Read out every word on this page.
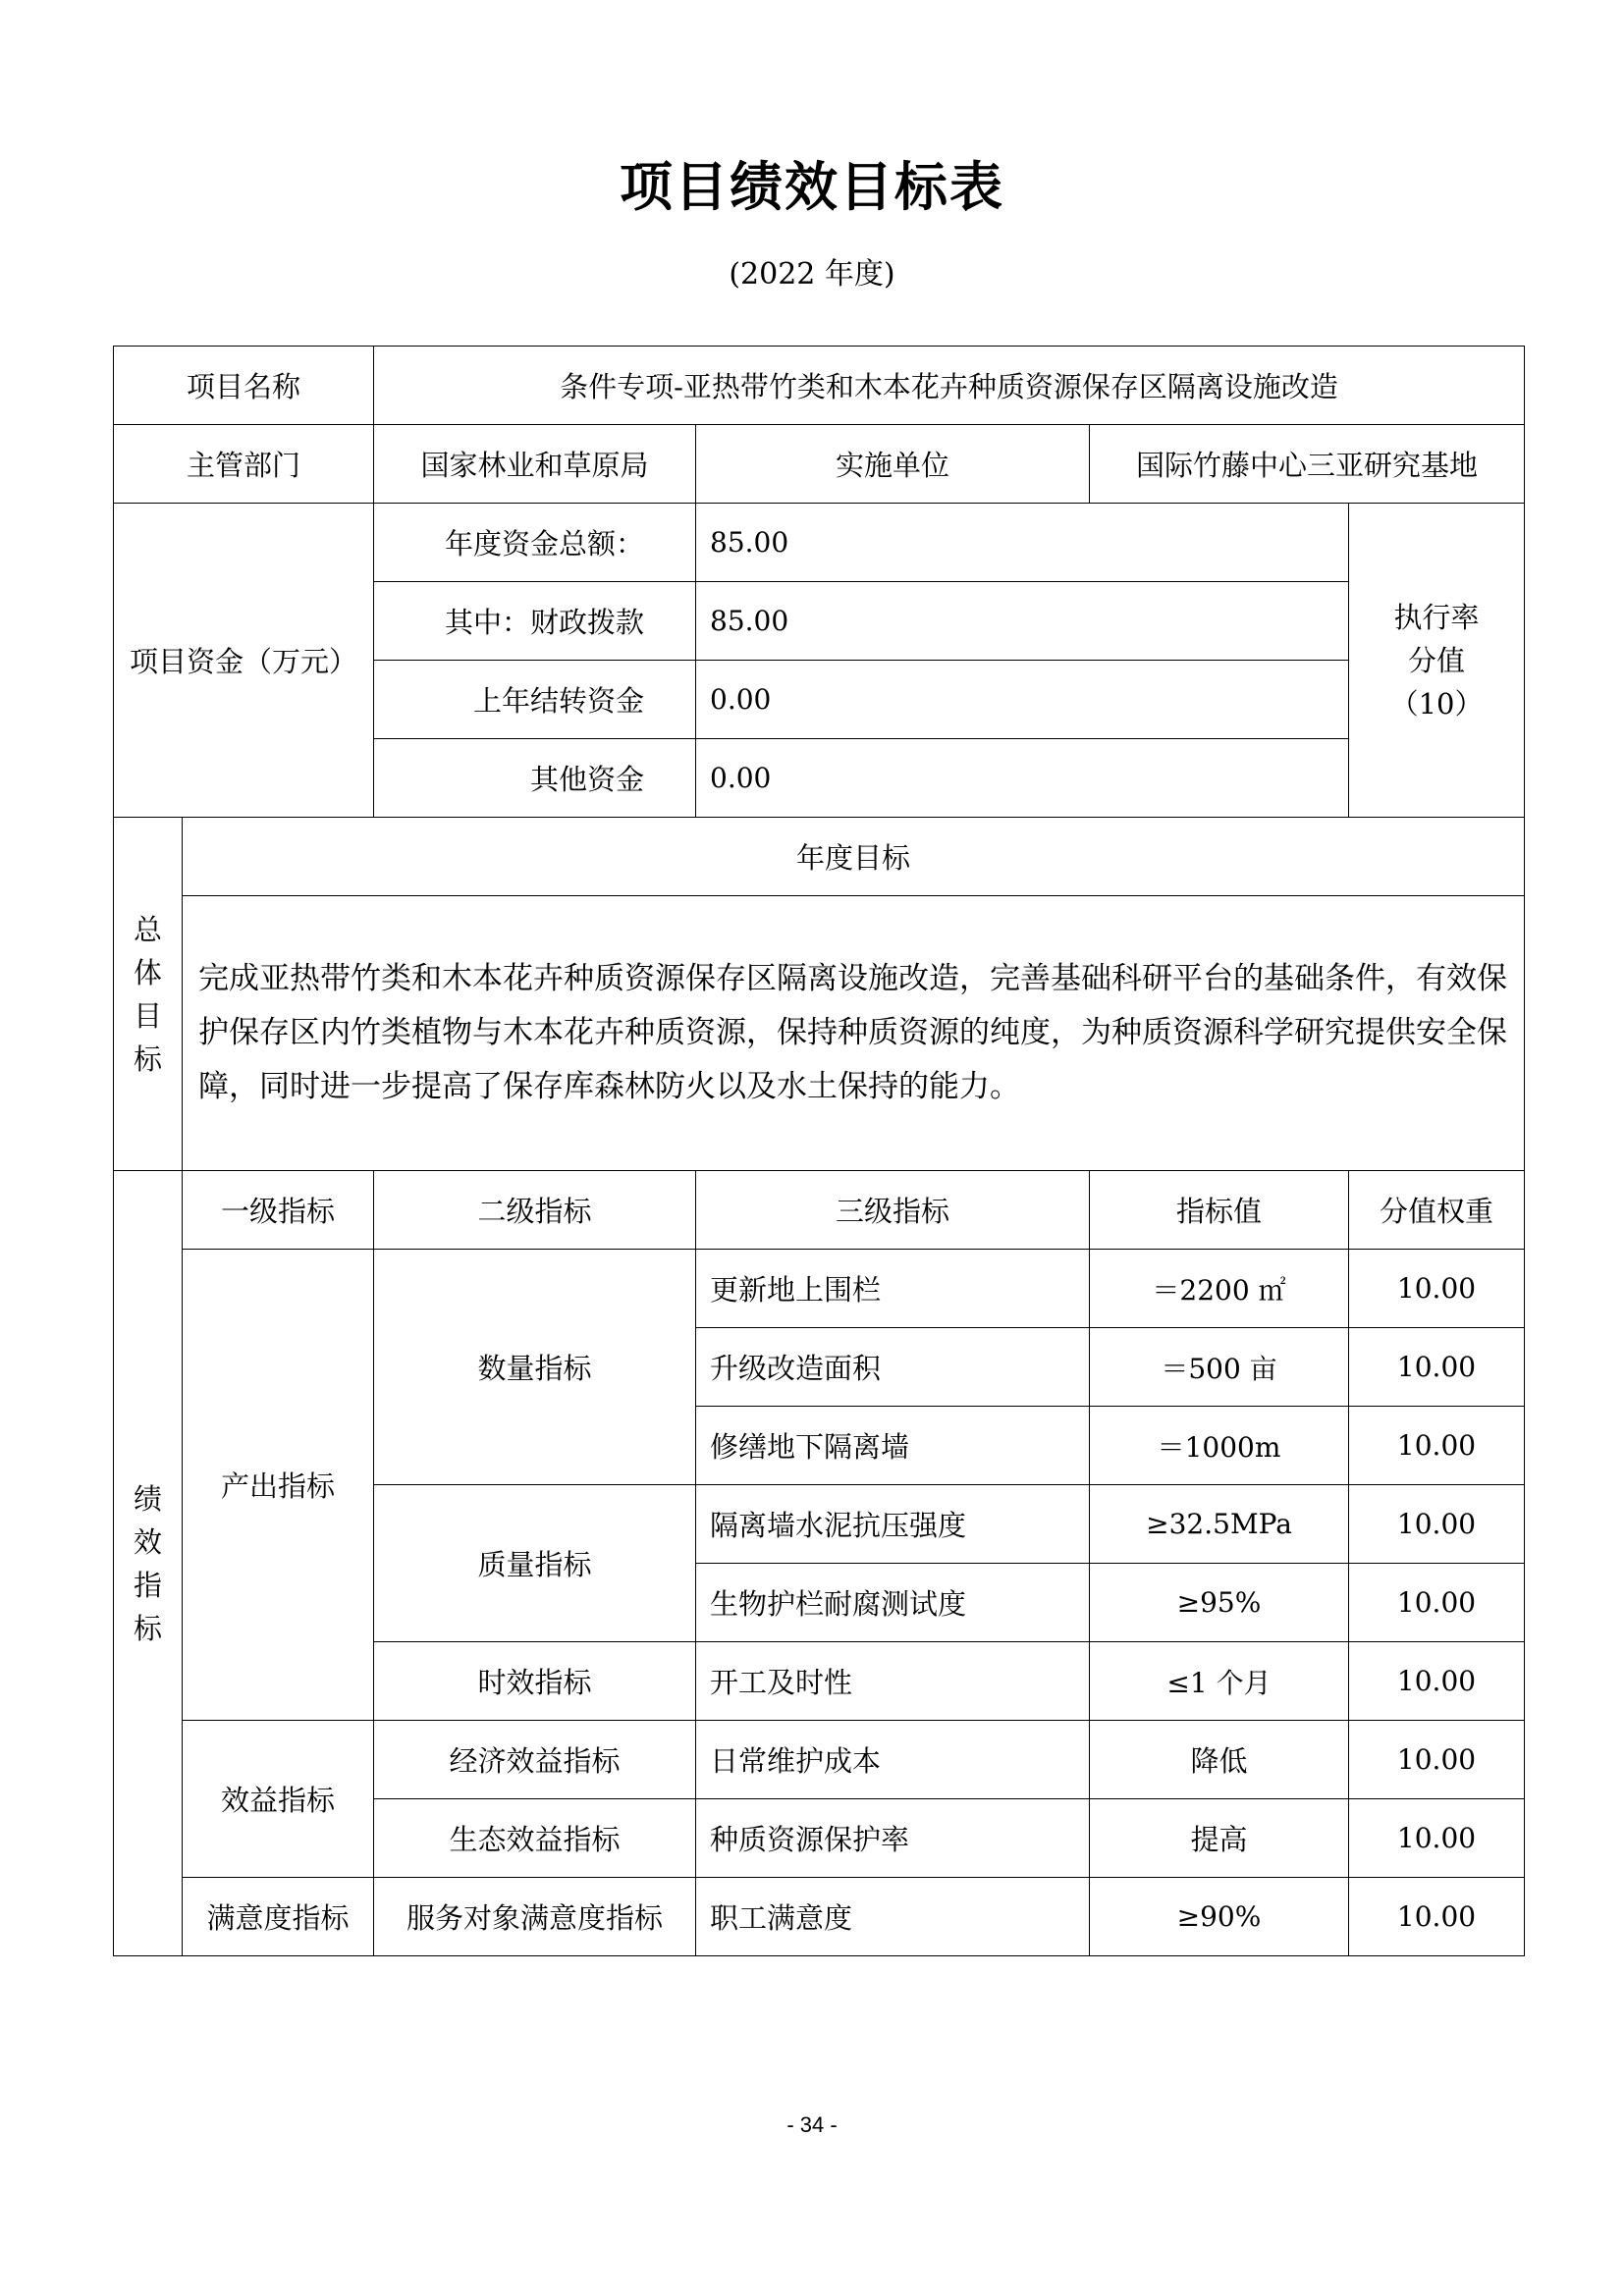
项目绩效目标表
(2022 年度)
项目名称		条件专项-亚热带竹类和木本花卉种质资源保存区隔离设施改造			
主管部门		国家林业和草原局	实施单位	国际竹藤中心三亚研究基地	
项目资金（万元）		年度资金总额：	85.00		执行率
分值
（10）

		其中：财政拨款	85.00		
		上年结转资金	0.00		
		其他资金	0.00		

总
体
目
标	年度目标				
	完成亚热带竹类和木本花卉种质资源保存区隔离设施改造，完善基础科研平台的基础条件，有效保护保存区内竹类植物与木本花卉种质资源，保持种质资源的纯度，为种质资源科学研究提供安全保障，同时进一步提高了保存库森林防火以及水土保持的能力。				

绩
效
指
标	一级指标	二级指标	三级指标	指标值	分值权重
	产出指标	数量指标	更新地上围栏	＝2200 ㎡	10.00
			升级改造面积	＝500 亩	10.00
			修缮地下隔离墙	＝1000m	10.00
		质量指标	隔离墙水泥抗压强度	≥32.5MPa	10.00
			生物护栏耐腐测试度	≥95%	10.00
		时效指标	开工及时性	≤1 个月	10.00
	效益指标	经济效益指标	日常维护成本	降低	10.00
		生态效益指标	种质资源保护率	提高	10.00
	满意度指标	服务对象满意度指标	职工满意度	≥90%	10.00
- 34 -
